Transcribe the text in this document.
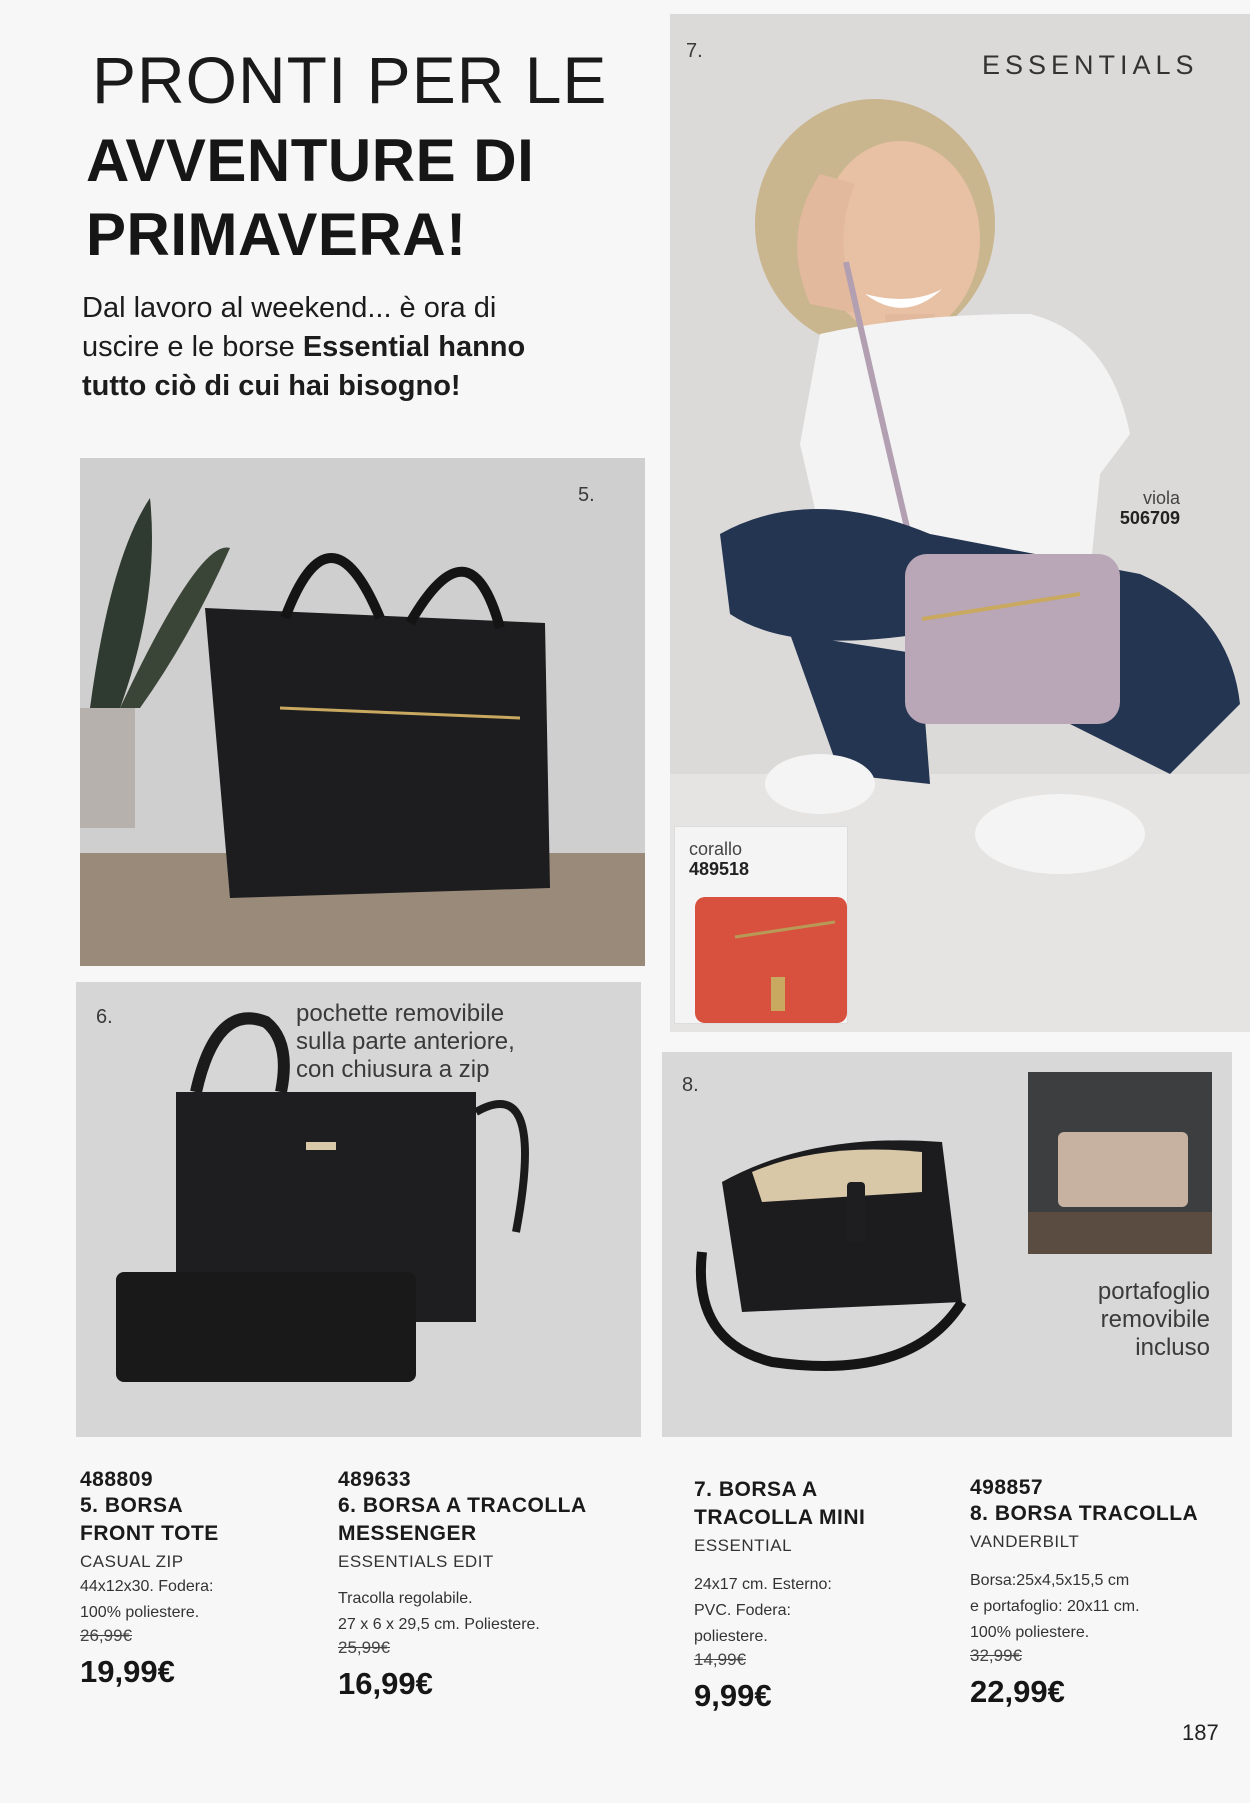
PRONTI PER LE
AVVENTURE DI
PRIMAVERA!
Dal lavoro al weekend... è ora di
uscire e le borse Essential hanno
tutto ciò di cui hai bisogno!
7.	ESSENTIALS
viola
506709
corallo
489518
5.
6.	pochette removibile
sulla parte anteriore,
con chiusura a zip
8.
portafoglio
removibile
incluso
488809
5. BORSA
FRONT TOTE
CASUAL ZIP
44x12x30. Fodera:
100% poliestere.
26,99€
19,99€
489633
6. BORSA A TRACOLLA
MESSENGER
ESSENTIALS EDIT
Tracolla regolabile.
27 x 6 x 29,5 cm. Poliestere.
25,99€
16,99€
7. BORSA A
TRACOLLA MINI
ESSENTIAL
24x17 cm. Esterno:
PVC. Fodera:
poliestere.
14,99€
9,99€
498857
8. BORSA TRACOLLA
VANDERBILT
Borsa:25x4,5x15,5 cm
e portafoglio: 20x11 cm.
100% poliestere.
32,99€
22,99€
187
